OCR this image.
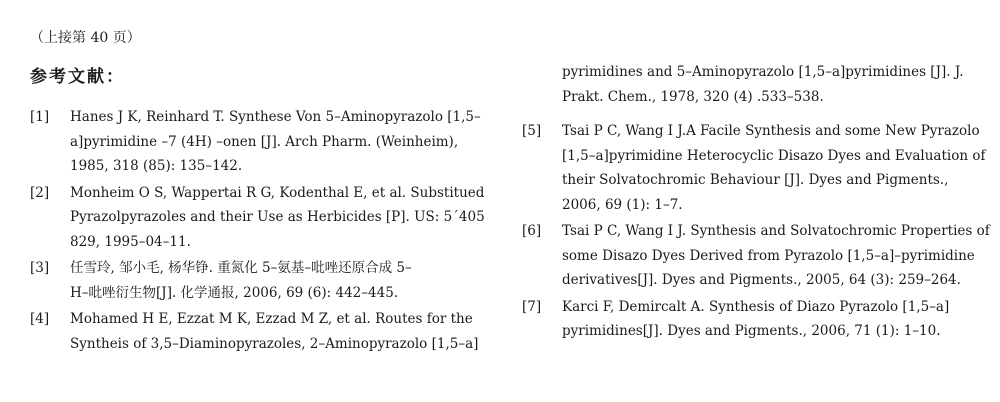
（上接第 40 页）
参考文献：
[1]	Hanes J K, Reinhard T. Synthese Von 5–Aminopyrazolo [1,5–
a]pyrimidine –7 (4H) –onen [J]. Arch Pharm. (Weinheim),
1985, 318 (85): 135–142.
[2]	Monheim O S, Wappertai R G, Kodenthal E, et al. Substitued
Pyrazolpyrazoles and their Use as Herbicides [P]. US: 5´405
829, 1995–04–11.
[3]	任雪玲, 邹小毛, 杨华铮. 重氮化 5–氨基–吡唑还原合成 5–
H–吡唑衍生物[J]. 化学通报, 2006, 69 (6): 442–445.
[4]	Mohamed H E, Ezzat M K, Ezzad M Z, et al. Routes for the
Syntheis of 3,5–Diaminopyrazoles, 2–Aminopyrazolo [1,5–a]
pyrimidines and 5–Aminopyrazolo [1,5–a]pyrimidines [J]. J.
Prakt. Chem., 1978, 320 (4) .533–538.
[5]	Tsai P C, Wang I J.A Facile Synthesis and some New Pyrazolo
[1,5–a]pyrimidine Heterocyclic Disazo Dyes and Evaluation of
their Solvatochromic Behaviour [J]. Dyes and Pigments.,
2006, 69 (1): 1–7.
[6]	Tsai P C, Wang I J. Synthesis and Solvatochromic Properties of
some Disazo Dyes Derived from Pyrazolo [1,5–a]–pyrimidine
derivatives[J]. Dyes and Pigments., 2005, 64 (3): 259–264.
[7]	Karci F, Demircalt A. Synthesis of Diazo Pyrazolo [1,5–a]
pyrimidines[J]. Dyes and Pigments., 2006, 71 (1): 1–10.
